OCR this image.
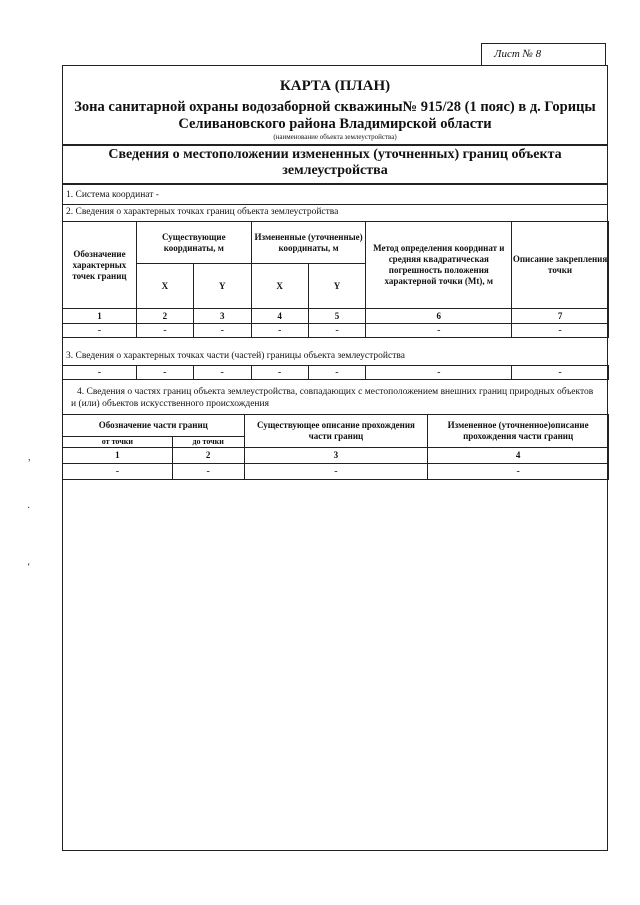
Лист № 8
КАРТА (ПЛАН)
Зона санитарной охраны водозаборной скважины№ 915/28 (1 пояс) в д. Горицы Селивановского района Владимирской области
(наименование объекта землеустройства)
Сведения о местоположении измененных (уточненных) границ объекта землеустройства
1. Система координат -
2. Сведения о характерных точках границ объекта землеустройства
Обозначение характерных точек границ	Существующие координаты, м		Измененные (уточненные) координаты, м		Метод определения координат и средняя квадратическая погрешность положения характерной точки (Mt), м	Описание закрепления точки
	X	Y	X	Y		
1	2	3	4	5	6	7
-	-	-	-	-	-	-
3. Сведения о характерных точках части (частей) границы объекта землеустройства
-	-	-	-	-	-	-
4. Сведения о частях границ объекта землеустройства, совпадающих с местоположением внешних границ природных объектов и (или) объектов искусственного происхождения
Обозначение части границ		Существующее описание прохождения части границ	Измененное (уточненное)описание прохождения части границ

от точки	до точки		

1	2	3	4
-	-	-	-
,
·
‘
